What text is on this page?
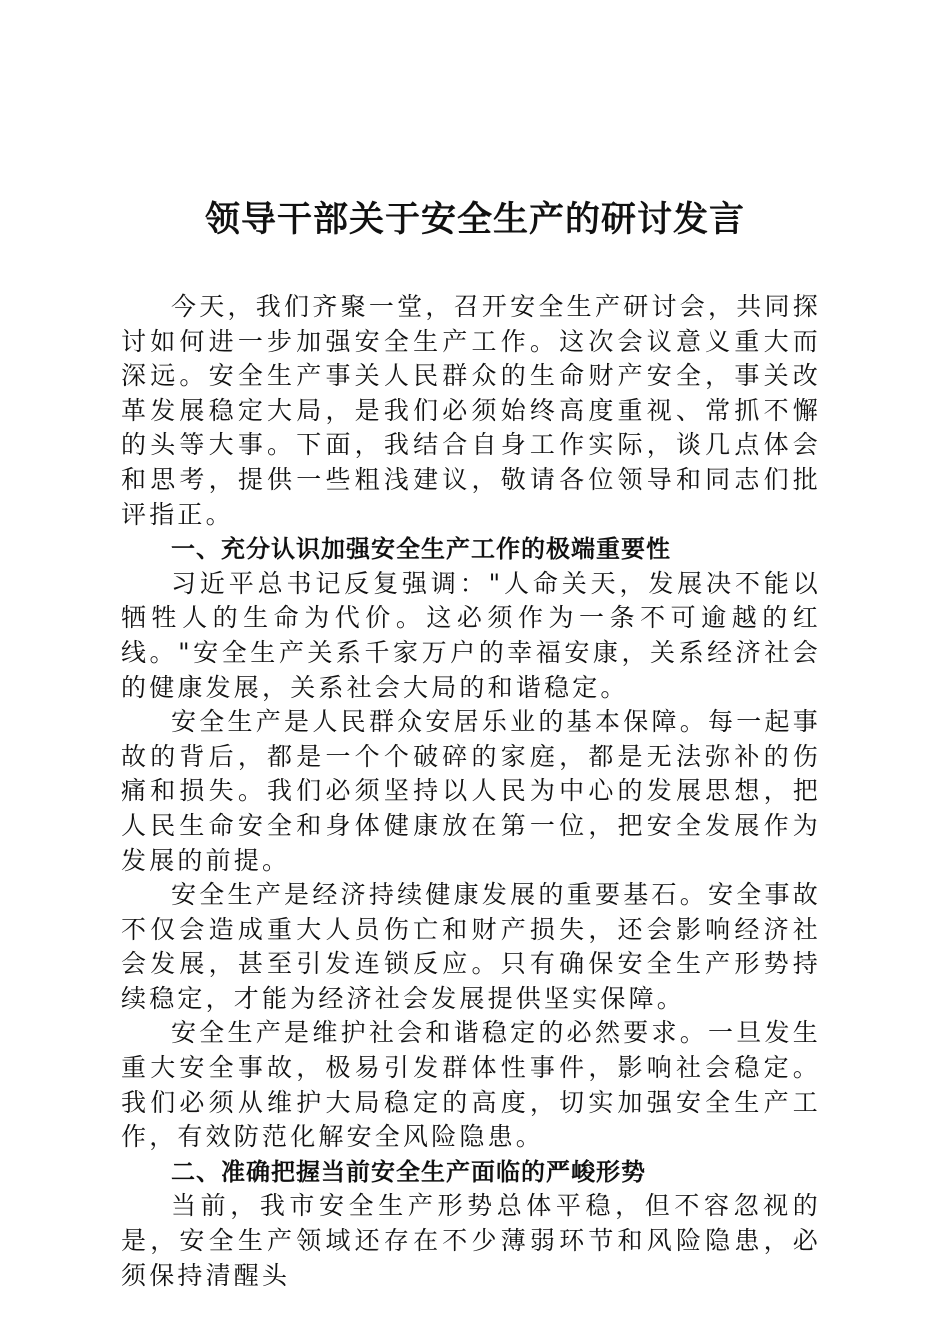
领导干部关于安全生产的研讨发言

今天，我们齐聚一堂，召开安全生产研讨会，共同探讨如何进一步加强安全生产工作。这次会议意义重大而深远。安全生产事关人民群众的生命财产安全，事关改革发展稳定大局，是我们必须始终高度重视、常抓不懈的头等大事。下面，我结合自身工作实际，谈几点体会和思考，提供一些粗浅建议，敬请各位领导和同志们批评指正。

一、充分认识加强安全生产工作的极端重要性

习近平总书记反复强调："人命关天，发展决不能以牺牲人的生命为代价。这必须作为一条不可逾越的红线。"安全生产关系千家万户的幸福安康，关系经济社会的健康发展，关系社会大局的和谐稳定。

安全生产是人民群众安居乐业的基本保障。每一起事故的背后，都是一个个破碎的家庭，都是无法弥补的伤痛和损失。我们必须坚持以人民为中心的发展思想，把人民生命安全和身体健康放在第一位，把安全发展作为发展的前提。

安全生产是经济持续健康发展的重要基石。安全事故不仅会造成重大人员伤亡和财产损失，还会影响经济社会发展，甚至引发连锁反应。只有确保安全生产形势持续稳定，才能为经济社会发展提供坚实保障。

安全生产是维护社会和谐稳定的必然要求。一旦发生重大安全事故，极易引发群体性事件，影响社会稳定。我们必须从维护大局稳定的高度，切实加强安全生产工作，有效防范化解安全风险隐患。

二、准确把握当前安全生产面临的严峻形势

当前，我市安全生产形势总体平稳，但不容忽视的是，安全生产领域还存在不少薄弱环节和风险隐患，必须保持清醒头
